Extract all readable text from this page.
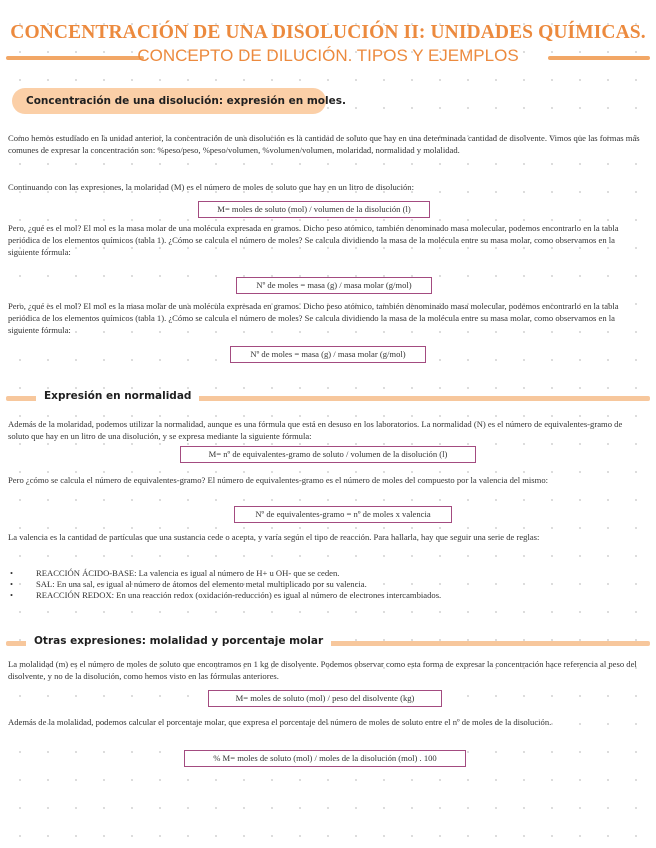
CONCENTRACIÓN DE UNA DISOLUCIÓN II: UNIDADES QUÍMICAS.
CONCEPTO DE DILUCIÓN. TIPOS Y EJEMPLOS
Concentración de una disolución: expresión en moles.
Como hemos estudiado en la unidad anterior, la concentración de una disolución es la cantidad de soluto que hay en una determinada cantidad de disolvente. Vimos que las formas más comunes de expresar la concentración son: %peso/peso, %peso/volumen, %volumen/volumen, molaridad, normalidad y molalidad.
Continuando con las expresiones, la molaridad (M) es el número de moles de soluto que hay en un litro de disolución:
M= moles de soluto (mol) / volumen de la disolución (l)
Pero, ¿qué es el mol? El mol es la masa molar de una molécula expresada en gramos. Dicho peso atómico, también denominado masa molecular, podemos encontrarlo en la tabla periódica de los elementos químicos (tabla 1). ¿Cómo se calcula el número de moles? Se calcula dividiendo la masa de la molécula entre su masa molar, como observamos en la siguiente fórmula:
Nº de moles = masa (g) / masa molar (g/mol)
Pero, ¿qué es el mol? El mol es la masa molar de una molécula expresada en gramos. Dicho peso atómico, también denominado masa molecular, podemos encontrarlo en la tabla periódica de los elementos químicos (tabla 1). ¿Cómo se calcula el número de moles? Se calcula dividiendo la masa de la molécula entre su masa molar, como observamos en la siguiente fórmula:
Nº de moles = masa (g) / masa molar (g/mol)
Expresión en normalidad
Además de la molaridad, podemos utilizar la normalidad, aunque es una fórmula que está en desuso en los laboratorios. La normalidad (N) es el número de equivalentes-gramo de soluto que hay en un litro de una disolución, y se expresa mediante la siguiente fórmula:
M= nº de equivalentes-gramo de soluto / volumen de la disolución (l)
Pero ¿cómo se calcula el número de equivalentes-gramo? El número de equivalentes-gramo es el número de moles del compuesto por la valencia del mismo:
Nº de equivalentes-gramo = nº de moles x valencia
La valencia es la cantidad de partículas que una sustancia cede o acepta, y varía según el tipo de reacción. Para hallarla, hay que seguir una serie de reglas:
•	REACCIÓN ÁCIDO-BASE: La valencia es igual al número de H+ u OH- que se ceden.
•	SAL: En una sal, es igual al número de átomos del elemento metal multiplicado por su valencia.
•	REACCIÓN REDOX: En una reacción redox (oxidación-reducción) es igual al número de electrones intercambiados.
Otras expresiones: molalidad y porcentaje molar
La molalidad (m) es el número de moles de soluto que encontramos en 1 kg de disolvente. Podemos observar como esta forma de expresar la concentración hace referencia al peso del disolvente, y no de la disolución, como hemos visto en las fórmulas anteriores.
M= moles de soluto (mol) / peso del disolvente (kg)
Además de la molalidad, podemos calcular el porcentaje molar, que expresa el porcentaje del número de moles de soluto entre el nº de moles de la disolución.
% M= moles de soluto (mol) / moles de la disolución (mol) . 100
